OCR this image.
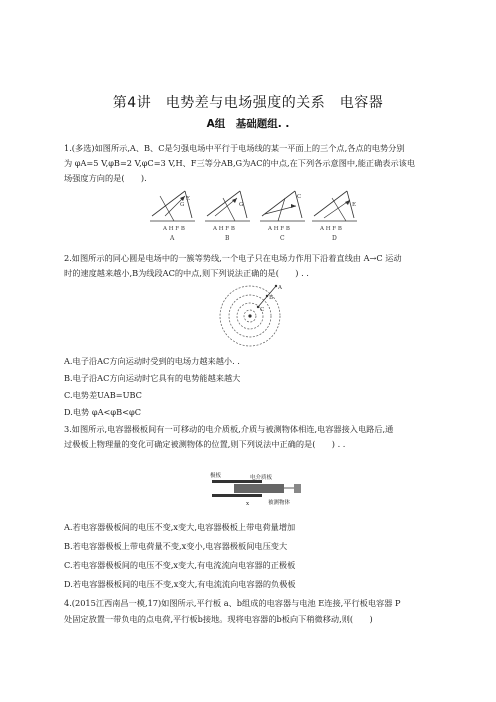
第4讲　电势差与电场强度的关系　电容器
A组　基础题组. .
1.(多选)如图所示,A、B、C是匀强电场中平行于电场线的某一平面上的三个点,各点的电势分别
为 φA=5 V,φB=2 V,φC=3 V,H、F三等分AB,G为AC的中点,在下列各示意图中,能正确表示该电
场强度方向的是(　　).
A H F B
A
G
E
A H F B
B
G
A H F B
C
C
A H F B
D
E
2.如图所示的同心圆是电场中的一簇等势线,一个电子只在电场力作用下沿着直线由 A→C 运动
时的速度越来越小,B为线段AC的中点,则下列说法正确的是(　　) . .
A
B
C
A.电子沿AC方向运动时受到的电场力越来越小. .
B.电子沿AC方向运动时它具有的电势能越来越大
C.电势差UAB=UBC
D.电势 φA<φB<φC
3.如图所示,电容器极板间有一可移动的电介质板,介质与被测物体相连,电容器接入电路后,通
过极板上物理量的变化可确定被测物体的位置,则下列说法中正确的是(　　) . .
极板	电介质板
被测物体
x
A.若电容器极板间的电压不变,x变大,电容器极板上带电荷量增加
B.若电容器极板上带电荷量不变,x变小,电容器极板间电压变大
C.若电容器极板间的电压不变,x变大,有电流流向电容器的正极板
D.若电容器极板间的电压不变,x变大,有电流流向电容器的负极板
4.(2015江西南昌一模,17)如图所示,平行板 a、b组成的电容器与电池 E连接,平行板电容器 P
处固定放置一带负电的点电荷,平行板b接地。现将电容器的b板向下稍微移动,则(　　)
